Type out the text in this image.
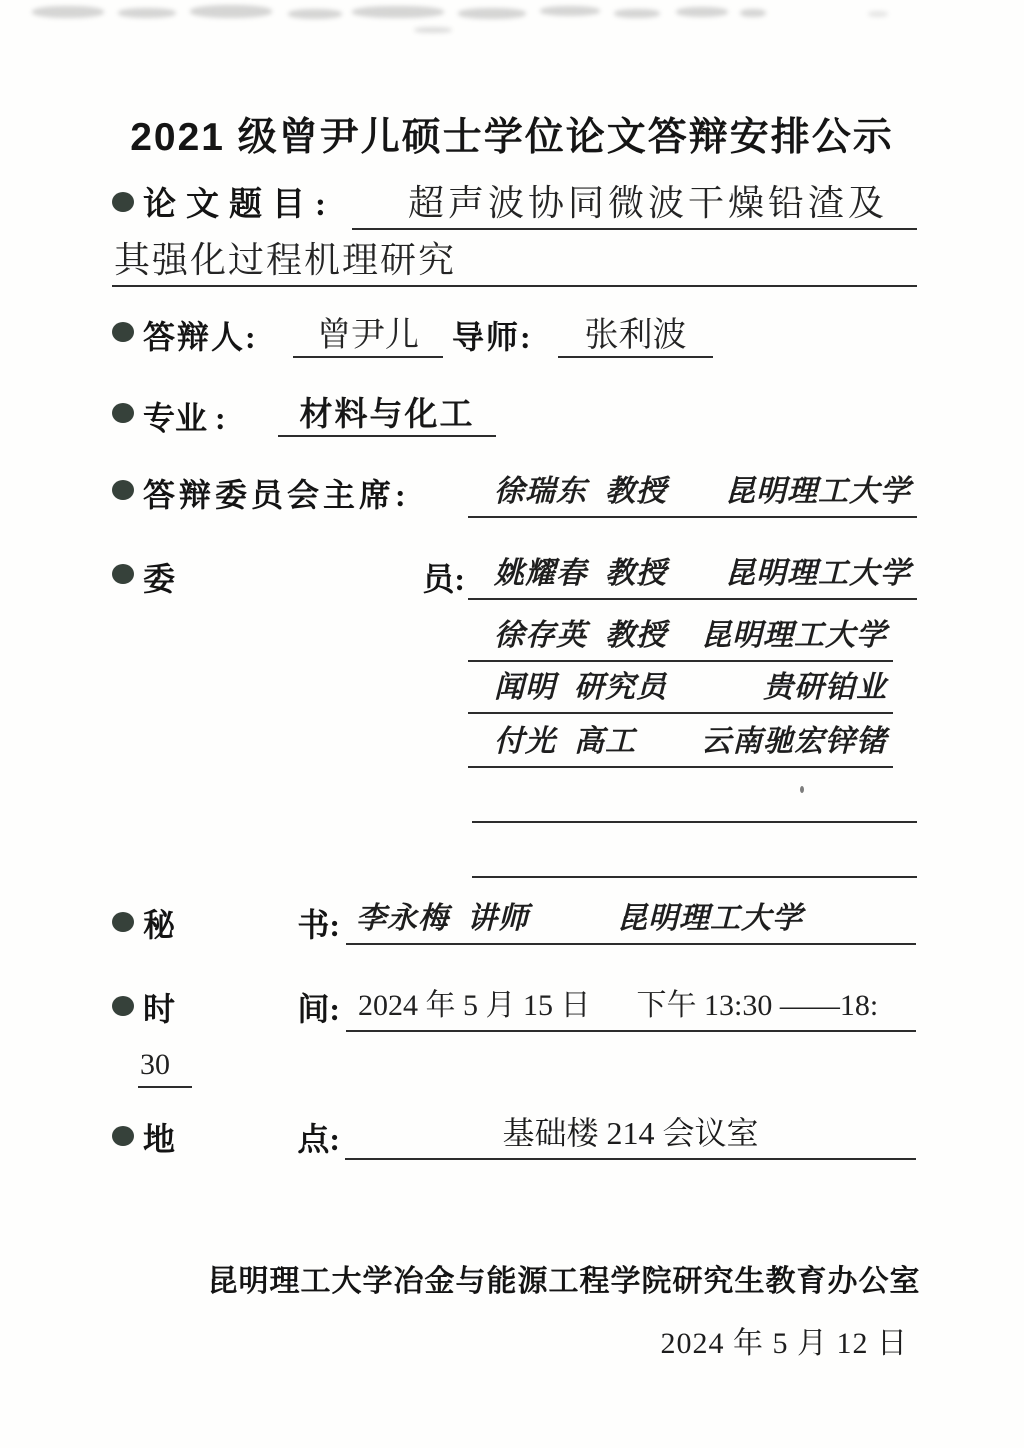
2021 级曾尹儿硕士学位论文答辩安排公示
论文题目:	超声波协同微波干燥铅渣及
其强化过程机理研究
答辩人:	曾尹儿	导师:	张利波
专业 :	材料与化工
答辩委员会主席:	徐瑞东 教授 昆明理工大学
委	员: 姚耀春 教授 昆明理工大学
徐存英 教授 昆明理工大学
闻明 研究员	贵研铂业
付光 高工 云南驰宏锌锗
秘	书: 李永梅 讲师	昆明理工大学
时	间: 2024 年 5 月 15 日 下午 13:30 ——18:
30
地	点:	基础楼 214 会议室
昆明理工大学冶金与能源工程学院研究生教育办公室
2024 年 5 月 12 日
